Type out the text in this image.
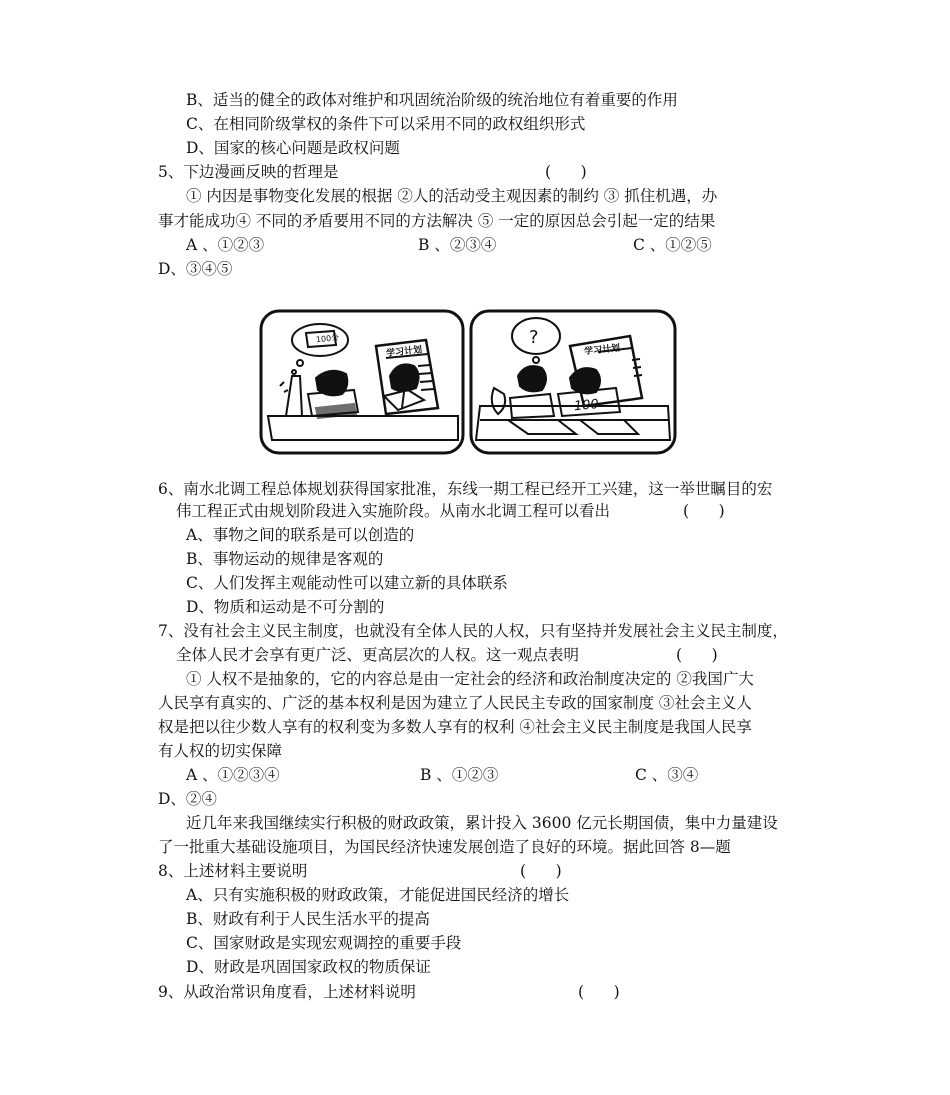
B、适当的健全的政体对维护和巩固统治阶级的统治地位有着重要的作用
C、在相同阶级掌权的条件下可以采用不同的政权组织形式
D、国家的核心问题是政权问题
5、下边漫画反映的哲理是	(      )
① 内因是事物变化发展的根据 ②人的活动受主观因素的制约 ③ 抓住机遇，办
事才能成功④ 不同的矛盾要用不同的方法解决 ⑤ 一定的原因总会引起一定的结果
A 、①②③	B 、②③④	C 、①②⑤
D、③④⑤
100分
学习计划
?
学习计划
100
6、南水北调工程总体规划获得国家批准，东线一期工程已经开工兴建，这一举世瞩目的宏
伟工程正式由规划阶段进入实施阶段。从南水北调工程可以看出	(      )
A、事物之间的联系是可以创造的
B、事物运动的规律是客观的
C、人们发挥主观能动性可以建立新的具体联系
D、物质和运动是不可分割的
7、没有社会主义民主制度，也就没有全体人民的人权，只有坚持并发展社会主义民主制度，
全体人民才会享有更广泛、更高层次的人权。这一观点表明	(      )
① 人权不是抽象的，它的内容总是由一定社会的经济和政治制度决定的 ②我国广大
人民享有真实的、广泛的基本权利是因为建立了人民民主专政的国家制度 ③社会主义人
权是把以往少数人享有的权利变为多数人享有的权利 ④社会主义民主制度是我国人民享
有人权的切实保障
A 、①②③④	B 、①②③	C 、③④
D、②④
近几年来我国继续实行积极的财政政策，累计投入 3600 亿元长期国债，集中力量建设
了一批重大基础设施项目，为国民经济快速发展创造了良好的环境。据此回答 8—题
8、上述材料主要说明	(      )
A、只有实施积极的财政政策，才能促进国民经济的增长
B、财政有利于人民生活水平的提高
C、国家财政是实现宏观调控的重要手段
D、财政是巩固国家政权的物质保证
9、从政治常识角度看，上述材料说明	(      )
